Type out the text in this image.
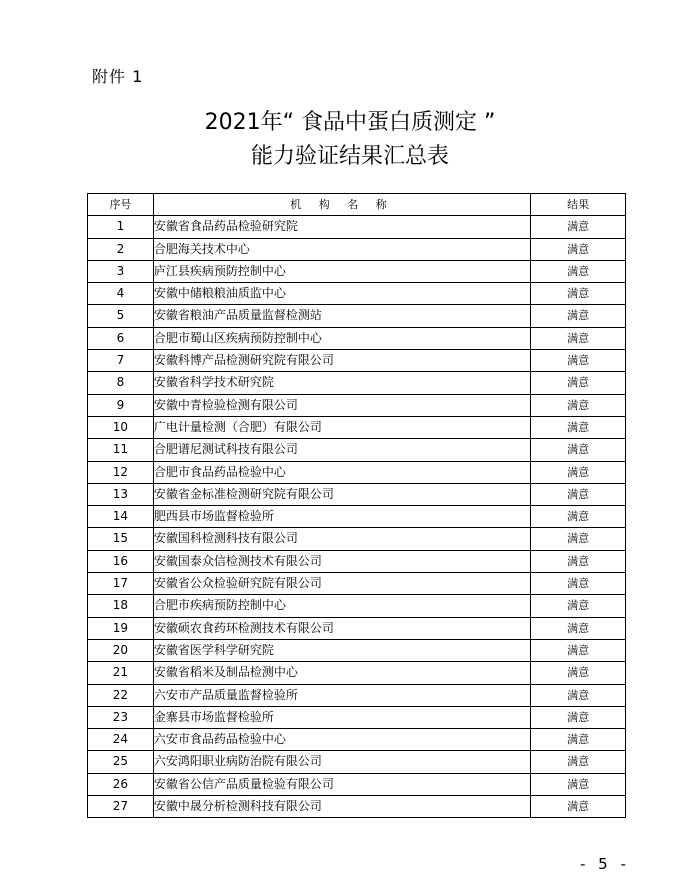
附件 1
2021年“ 食品中蛋白质测定 ”
能力验证结果汇总表
序号	机 构 名 称	结果
1	安徽省食品药品检验研究院	满意
2	合肥海关技术中心	满意
3	庐江县疾病预防控制中心	满意
4	安徽中储粮粮油质监中心	满意
5	安徽省粮油产品质量监督检测站	满意
6	合肥市蜀山区疾病预防控制中心	满意
7	安徽科博产品检测研究院有限公司	满意
8	安徽省科学技术研究院	满意
9	安徽中青检验检测有限公司	满意
10	广电计量检测（合肥）有限公司	满意
11	合肥谱尼测试科技有限公司	满意
12	合肥市食品药品检验中心	满意
13	安徽省金标准检测研究院有限公司	满意
14	肥西县市场监督检验所	满意
15	安徽国科检测科技有限公司	满意
16	安徽国泰众信检测技术有限公司	满意
17	安徽省公众检验研究院有限公司	满意
18	合肥市疾病预防控制中心	满意
19	安徽硕农食药环检测技术有限公司	满意
20	安徽省医学科学研究院	满意
21	安徽省稻米及制品检测中心	满意
22	六安市产品质量监督检验所	满意
23	金寨县市场监督检验所	满意
24	六安市食品药品检验中心	满意
25	六安鸿阳职业病防治院有限公司	满意
26	安徽省公信产品质量检验有限公司	满意
27	安徽中晟分析检测科技有限公司	满意
- 5 -
